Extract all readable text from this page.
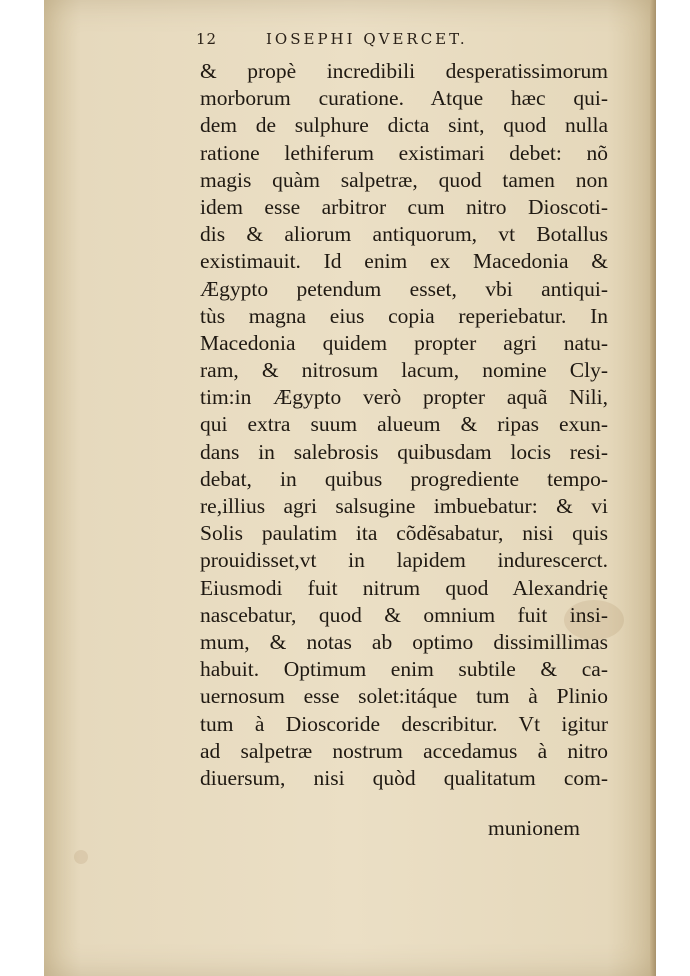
12	IOSEPHI QVERCET.
& propè incredibili desperatissimorum
morborum curatione. Atque hæc qui-
dem de sulphure dicta sint, quod nulla
ratione lethiferum existimari debet: nõ
magis quàm salpetræ, quod tamen non
idem esse arbitror cum nitro Dioscoti-
dis & aliorum antiquorum, vt Botallus
existimauit. Id enim ex Macedonia &
Ægypto petendum esset, vbi antiqui-
tùs magna eius copia reperiebatur. In
Macedonia quidem propter agri natu-
ram, & nitrosum lacum, nomine Cly-
tim:in Ægypto verò propter aquã Nili,
qui extra suum alueum & ripas exun-
dans in salebrosis quibusdam locis resi-
debat, in quibus progrediente tempo-
re,illius agri salsugine imbuebatur: & vi
Solis paulatim ita cõdẽsabatur, nisi quis
prouidisset,vt in lapidem indurescerct.
Eiusmodi fuit nitrum quod Alexandrię
nascebatur, quod & omnium fuit insi-
mum, & notas ab optimo dissimillimas
habuit. Optimum enim subtile & ca-
uernosum esse solet:itáque tum à Plinio
tum à Dioscoride describitur. Vt igitur
ad salpetræ nostrum accedamus à nitro
diuersum, nisi quòd qualitatum com-
munionem
